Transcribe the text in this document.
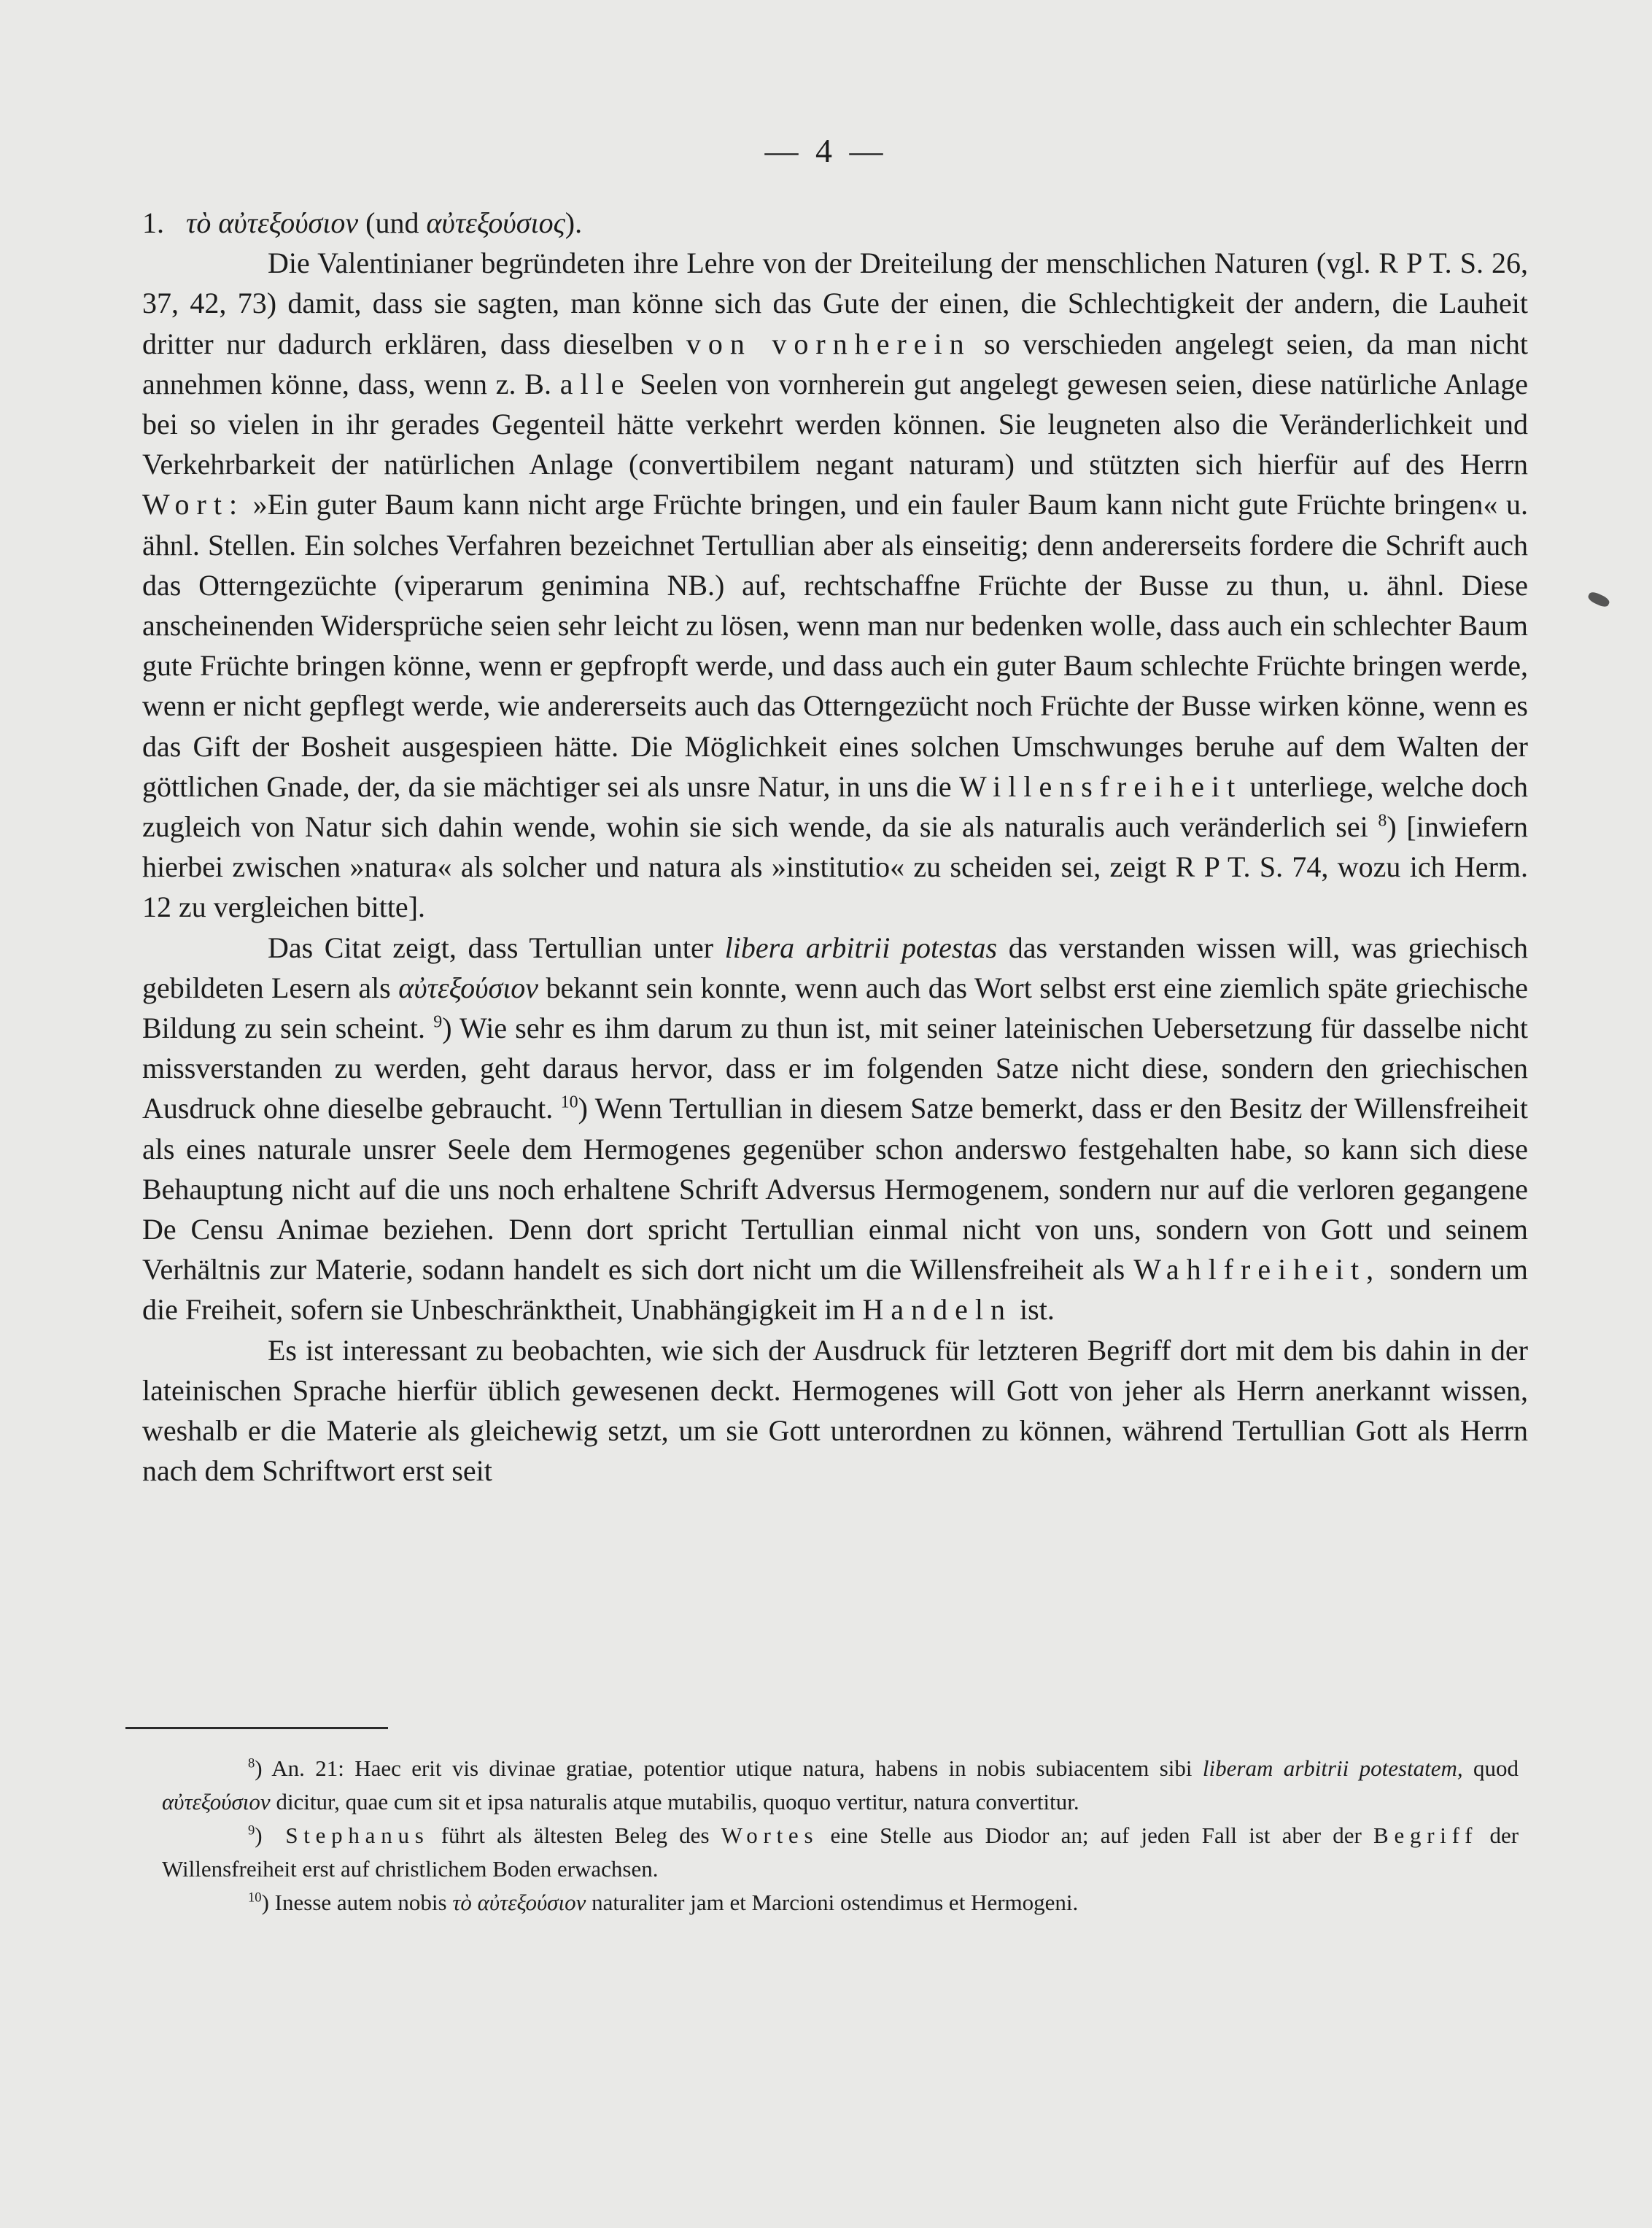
— 4 —

1. τὸ αὐτεξούσιον (und αὐτεξούσιος).

Die Valentinianer begründeten ihre Lehre von der Dreiteilung der menschlichen Naturen (vgl. R P T. S. 26, 37, 42, 73) damit, dass sie sagten, man könne sich das Gute der einen, die Schlechtigkeit der andern, die Lauheit dritter nur dadurch erklären, dass dieselben von vornherein so verschieden angelegt seien, da man nicht annehmen könne, dass, wenn z. B. alle Seelen von vornherein gut angelegt gewesen seien, diese natürliche Anlage bei so vielen in ihr gerades Gegenteil hätte verkehrt werden können. Sie leugneten also die Veränderlichkeit und Verkehrbarkeit der natürlichen Anlage (convertibilem negant naturam) und stützten sich hierfür auf des Herrn Wort: »Ein guter Baum kann nicht arge Früchte bringen, und ein fauler Baum kann nicht gute Früchte bringen« u. ähnl. Stellen. Ein solches Verfahren bezeichnet Tertullian aber als einseitig; denn andererseits fordere die Schrift auch das Otterngezüchte (viperarum genimina NB.) auf, rechtschaffne Früchte der Busse zu thun, u. ähnl. Diese anscheinenden Widersprüche seien sehr leicht zu lösen, wenn man nur bedenken wolle, dass auch ein schlechter Baum gute Früchte bringen könne, wenn er gepfropft werde, und dass auch ein guter Baum schlechte Früchte bringen werde, wenn er nicht gepflegt werde, wie andererseits auch das Otterngezücht noch Früchte der Busse wirken könne, wenn es das Gift der Bosheit ausgespieen hätte. Die Möglichkeit eines solchen Umschwunges beruhe auf dem Walten der göttlichen Gnade, der, da sie mächtiger sei als unsre Natur, in uns die Willensfreiheit unterliege, welche doch zugleich von Natur sich dahin wende, wohin sie sich wende, da sie als naturalis auch veränderlich sei $^8$) [inwiefern hierbei zwischen »natura« als solcher und natura als »institutio« zu scheiden sei, zeigt R P T. S. 74, wozu ich Herm. 12 zu vergleichen bitte].

Das Citat zeigt, dass Tertullian unter libera arbitrii potestas das verstanden wissen will, was griechisch gebildeten Lesern als αὐτεξούσιον bekannt sein konnte, wenn auch das Wort selbst erst eine ziemlich späte griechische Bildung zu sein scheint. $^9$) Wie sehr es ihm darum zu thun ist, mit seiner lateinischen Uebersetzung für dasselbe nicht missverstanden zu werden, geht daraus hervor, dass er im folgenden Satze nicht diese, sondern den griechischen Ausdruck ohne dieselbe gebraucht. $^{10}$) Wenn Tertullian in diesem Satze bemerkt, dass er den Besitz der Willensfreiheit als eines naturale unsrer Seele dem Hermogenes gegenüber schon anderswo festgehalten habe, so kann sich diese Behauptung nicht auf die uns noch erhaltene Schrift Adversus Hermogenem, sondern nur auf die verloren gegangene De Censu Animae beziehen. Denn dort spricht Tertullian einmal nicht von uns, sondern von Gott und seinem Verhältnis zur Materie, sodann handelt es sich dort nicht um die Willensfreiheit als Wahlfreiheit, sondern um die Freiheit, sofern sie Unbeschränktheit, Unabhängigkeit im Handeln ist.

Es ist interessant zu beobachten, wie sich der Ausdruck für letzteren Begriff dort mit dem bis dahin in der lateinischen Sprache hierfür üblich gewesenen deckt. Hermogenes will Gott von jeher als Herrn anerkannt wissen, weshalb er die Materie als gleichewig setzt, um sie Gott unterordnen zu können, während Tertullian Gott als Herrn nach dem Schriftwort erst seit

$^8$) An. 21: Haec erit vis divinae gratiae, potentior utique natura, habens in nobis subiacentem sibi liberam arbitrii potestatem, quod αὐτεξούσιον dicitur, quae cum sit et ipsa naturalis atque mutabilis, quoquo vertitur, natura convertitur.

$^9$) Stephanus führt als ältesten Beleg des Wortes eine Stelle aus Diodor an; auf jeden Fall ist aber der Begriff der Willensfreiheit erst auf christlichem Boden erwachsen.

$^{10}$) Inesse autem nobis τὸ αὐτεξούσιον naturaliter jam et Marcioni ostendimus et Hermogeni.
